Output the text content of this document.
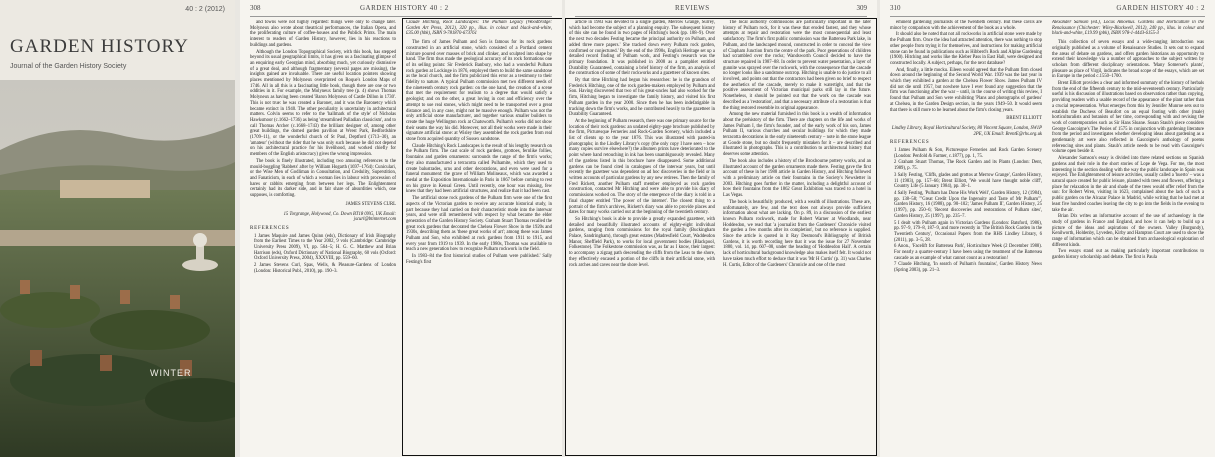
40 : 2 (2012)
GARDEN HISTORY
Journal of the Garden History Society
WINTER
308	GARDEN HISTORY 40 : 2

and towns were not highly regarded: things were only to change later. Molyneux also wrote about theatrical performances, the Italian Opera, and the proliferating culture of coffee-houses and the Publick Prints. The main interest to readers of Garden History, however, lies in his reactions to buildings and gardens.

Although the London Topographical Society, with this book, has stepped beyond its usual geographical limits, it has given us a fascinating glimpse of an enquiring early Georgian mind, absorbing much, yet curiously dismissive of a great deal, and although fragmentary (several pages are missing), the insights gained are invaluable. There are useful location pointers showing places mentioned by Molyneux overprinted on Roque's London Maps of 1746. All in all this is a fascinating little book, though there are one or two oddities in it. For example, the Molyneux family tree (p. 4) shows Thomas Molyneux as having been created 'Baron Molyneux of Castle Dillon in 1730'. This is not true: he was created a Baronet, and it was the Baronetcy which became extinct in 1940. The other peculiarity is uncertainty in architectural matters. Colvin seems to refer to the 'hallmark of the style' of Nicholas Hawksmoor (c.1662–1736) as being 'streamlined Palladian classicism', and to call Thomas Archer (c.1668–1743) the brilliant designer of, among other great buildings, the domed garden pavilion at Wrest Park, Bedfordshire (1709–11), or the wonderful church of St Paul, Deptford (1713–30), an 'amateur' (without the rider that he was only such because he did not depend on his architectural practice for his livelihood, and worked chiefly for members of the English aristocracy) gives the wrong impression.

The book is finely illustrated, including two amusing references to the mould-boggling 'Rabbets' after by William Hogarth (1697–1764): Cuniculari, or the Wise Men of Godliman in Consultation, and Credulity, Superstition, and Fanaticism, in each of which a woman lies in labour with procession of hares or rabbits emerging from between her legs. The Enlightenment certainly had its darker side, and in fair share of absurdities which, one supposes, is comforting.

JAMES STEVENS CURL

15 Torgrange, Holywood, Co. Down BT18 0NG, UK Email: jscurl@btinternet.com

REFERENCES

1 James Maquire and James Quinn (eds), Dictionary of Irish Biography from the Earliest Times to the Year 2002, 9 vols (Cambridge: Cambridge University Press 2009), VI, pp. 564–5; H. G. C. Matthew and Brian Harrison (eds), Oxford Dictionary of National Biography, 60 vols (Oxford: Oxford University Press, 2004), XXXVIII, pp. 559–60.

2 James Stevens Curl, Spas, Wells, & Pleasure-Gardens of London (London: Historical Publ., 2010), pp. 190–3.

Claude Hitching, Rock Landscapes: The Pulham Legacy (Woodbridge: Garden Art Press, 2012), 320 pp., illus. in colour and black-and-white, £35.00 (hbk), ISBN 9-781870-673761

The firm of James Pulham and Son is famous for its rock gardens constructed in an artificial stone, which consisted of a Portland cement mixture poured over masses of brick and clinker, and sculpted into shape by hand. The firm thus made the geological accuracy of its rock formations one of its selling points: Sir Frederick Banbury, who had a wonderful Pulham rock garden at Lockinge in 1876, employed them to build the same sandstone as the local church, and the firm publicized this error as a testimony to their fidelity to nature. A typical Pulham commission met two different needs of the nineteenth century rock garden: on the one hand, the creation of a scene that met the requirement for realism to a degree that would satisfy a geologist; and on the other, a great loving in cost and efficiency over the attempt to use real stones, which might need to be transported over a great distance and, in any case, might not be massive enough. Pulham was not the only artificial stone manufacturer, and together various smaller builders to create the huge Wellington rock at Chatsworth. Pulham's works did not show their seams the way his did. Moreover, not all their works were made in their signature artificial stone: at Wisley they assembled the rock garden from real stone from acquired quantity of Sussex sandstone.

Claude Hitching's Rock Landscapes is the result of his lengthy research on the Pulham firm. The cast scale of rock gardens, grottoes, fernlike follies, fountains and garden ornaments: surrounds the range of the firm's works; they also manufactured a terracotta called Pulhamite, which they used to create balustrades, urns and other decorations, and even were used for a funeral monument: the grave of William Molineaux, which was awarded a medal at the Exposition Internationale in Paris in 1867 before coming to rest on his grave in Kensal Green. Until recently, one hour was missing, few knew that they had been artificial structures, and realize that it had been cast.

The artificial stone rock gardens of the Pulham firm were one of the first aspects of the Victorian garden to receive any accurate historical study, in part because they had carried on their characteristic mode into the interwar years, and were still remembered with respect by what became the elder generation of the Garden History Society. Graham Stuart Thomas recalled the great rock gardens that decorated the Chelsea Flower Show in the 1920s and 1930s, describing them as 'these great works of art'; among these was James Pulham and Son, who exhibited at rock gardens from 1911 to 1915, and every year from 1919 to 1939. In the early 1980s, Thomas was available to teach a new generation how to recognize Pulham rockwork in the field.

In 1983–84 the first historical studies of Pulham were published.' Sally Festing's first

REVIEWS	309

article in 1983 was devoted to a single garden, Merrow Grange, Surrey, which had become the subject of a planning enquiry. The subsequent history of this site can be found in two pages of Hitching's book (pp. 188–9). Over the next two decades Festing became the principal authority on Pulham, and added three more papers.' She tracked down every Pulham rock garden, confirmed or conjectured.' By the end of the 1990s, English Heritage set up a detailed record finding of Pulham work, and Festing's research was the primary foundation. It was published in 2008 as a pamphlet entitled Durability Guaranteed, containing a brief history of the firm, an analysis of the construction of some of their rockworks and a gazetteer of known sites.

By that time Hitching had begun his researches: he is the grandson of Frederick Hitching, one of the rock garden-makers employed by Pulham and Son. Having discovered that two of his great-uncles had also worked for the firm, Hitching began to investigate the family history, and visited his first Pulham garden in the year 2000. Since then he has been indefatigable in tracking down the firm's works, and he contributed heavily to the gazetteer in Durability Guaranteed.

At the beginning of Pulham research, there was one primary source for the location of their rock gardens: an undated eighty-page brochure published by the firm, Picturesque Ferneries and Rock-Garden Scenery, which included a list of clients up to the year 1876. This was illustrated with pasted-in photographs; in the Lindley Library's copy (the only copy I have seen – how many copies survive elsewhere?) the albumen prints have deteriorated to the point where hand retouching in ink has been unambiguously revealed. Many of the gardens listed in this brochure have disappeared. Some additional gardens can be found cited in catalogues of the interwar years, but until recently the gazetteer was dependent on ad hoc discoveries in the field or in written accounts of particular gardens by any new retirees. Then the family of Fred Rickett, another Pulham staff member employed as rock garden construction, contacted Mr Hitching and were able to provide his diary of commissions worked on. The story of the emergence of the diary is told in a final chapter entitled 'The power of the internet'. The closest thing to a portrait of the firm's archives, Rickett's diary was able to provide places and dates for many works carried out at the beginning of the twentieth century.

So Hitching's book is able to provide a greatly expanded gazetteer, with detailed and beautifully illustrated accounts of eighty-eight individual gardens, ranging from commissions for the royal family (Buckingham Palace, Sandringham), through great estates (Madresfield Court, Waddesdon Manor, Sheffield Park), to works for local government bodies (Blackpool, Folkestone). The Folkestone commission was, as far as I know, their largest: to accompany a zigzag path descending the cliffs from the Leas to the shore, they effectively encased a portion of the cliffs in their artificial stone, with rock arches and caves near the shore level.

The local authority commissions are particularly important in the later history of Pulham rock, for it was these that eroded fastest, and they whose attempts at repair and restoration were the most consequential and least satisfactory. The firm's first public commission was the Battersea Park lake, in Pulham, and the landscaped mound, constructed in order to conceal the view of Clapham Junction from the centre of the park. Poor generations of children had scrambled over the rocks; Wandsworth Council decided to have the structure repaired in 1987–88. In order to prevent water penetration, a layer of gunnite was sprayed over the rockwork, with the consequence that the cascade no longer looks like a sandstone outcrop. Hitching is unable to do justice to all involved, and points out that the contractors had been given no brief to respect the aesthetics of the cascade, merely to make it watertight, and that the positive assessment of Victorian municipal parks still lay in the future. Nonetheless, it should be pointed out that the work on the cascade was described as a 'restoration', and that a necessary attribute of a restoration is that the thing restored resemble its original appearance.

Among the new material furnished in this book is a wealth of information about the prehistory of the firm. There are chapters on the life and works of James Pulham I, the firm's founder, and of the early work of his son, James Pulham II, various churches and secular buildings for which they made terracotta decorations in the early nineteenth century – note in the stone league at Goode stone, but no doubt frequently mistaken for it – are described and illustrated in photographs. This is a contribution to architectural history that deserves some attention.

The book also includes a history of the Broxbourne pottery works, and an illustrated account of the garden ornaments made there. Festing gave the first account of these in her 1988 article in Garden History, and Hitching followed with a preliminary article on their fountains in the Society's Newsletter in 2003. Hitching goes further in the matter, including a delightful account of how their fountains from the 1862 Great Exhibition was traced to a hotel in Las Vegas.

The book is beautifully produced, with a wealth of illustrations. These are, unfortunately, are few, and the text does not always provide sufficient information about what are lacking. On p. 89, in a discussion of the earliest known Pulham rockwork, made for Robert Warner at Woodlands, near Hoddesdon, we read that 'a journalist from the Gardeners' Chronicle visited the garden a few months after its completion', but no reference is supplied. Since the article is quoted in it Ray Desmond's Bibliography of British Gardens, it is worth recording here that it was the issue for 27 November 1880, vol. 14, pp. 607–08, under the heading of 'Hoddesdon Hall'. A certain lack of horticultural background knowledge also makes itself felt. It would not have taken much effort to deduce that it was 'Mr H Curtis' (p. 31) was Charles H. Curtis, Editor of the Gardeners' Chronicle and one of the most

310	GARDEN HISTORY 40 : 2

eminent gardening journalists of the twentieth century. But these cavils are minor by comparison with the achievement of the book as a whole.

It should also be noted that not all rockworks in artificial stone were made by the Pulham firm. Once the idea had attracted attention, there was nothing to stop other people from trying it for themselves, and instructions for making artificial stone can be found in publications such as Hibberd's Rock and Alpine Gardening (1900). Hitching and works like the Kleber Pass in East Hall, were designed and constructed locally. A subject, perhaps, for the next database?

And, finally, a little mocku. Eileen would agreed that the Pulham firm closed down around the beginning of the Second World War. 1939 was the last year in which they exhibited a garden at the Chelsea Flower Show. James Pulham IV did not die until 1957, but nowhere have I ever found any suggestion that the firm was functioning after the war – until, in the course of writing this review, I found that Pulham and Son were exhibiting 'Plans and photographs of gardens' at Chelsea, in the Garden Design section, in the years 1949–50. It would seem that there is still more to be learned about the firm's closing years.

BRENT ELLIOTT

Lindley Library, Royal Horticultural Society, 80 Vincent Square, London, SW1P 2PE, UK Email: BrentE@rhs.org.uk

REFERENCES

1 James Pulham & Son, Picturesque Ferneries and Rock Garden Scenery (London: Penfold & Farmer, c.1877), pp. 1, 75.

2 Graham Stuart Thomas, The Rock Garden and its Plants (London: Dent, 1989), p. 75.

3 Sally Festing, 'Cliffs, glades and grottos at Merrow Grange', Garden History, 11 (1983), pp. 157–66; Brent Elliott, 'We would have thought noble cliff', Country Life (5 January 1984), pp. 30–1.

4 Sally Festing, 'Pulham has Done His Work Well', Garden History, 12 (1984), pp. 138–58; '"Great Credit Upon the Ingenuity and Taste of Mr Pulham"', Garden History, 16 (1988), pp. 90–102; 'James Pulham II', Garden History, 25 (1997), pp. 250–6; 'Recent discoveries and restorations of Pulham sites', Garden History, 25 (1997), pp. 235–7.

5 I dealt with Pulham again in Victorian Gardens (London: Batsford, 1986), pp. 97–9, 179–8, 187–9, and more recently in 'The British Rock Garden in the Twentieth Century', Occasional Papers from the RHS Lindley Library, 6 (2011), pp. 3–5, 28.

6 Anon., 'Facelift for Battersea Park', Horticulture Week (2 December 1988). For nearly a quarter-century I have been using the treatment of the Battersea cascade as an example of what cannot count as a restoration!

7 Claude Hitching, 'In search of Pulham's fountains', Garden History News (Spring 2003), pp. 21–3.

Alexander Samson (ed.), Locus Amoenus. Gardens and Horticulture in the Renaissance (Chichester: Wiley-Blackwell, 2012), 240 pp., illus. in colour and black-and-white, £19.99 (pbk), ISBN 978-1-4443-6155-3

This collection of seven essays and a wide-ranging introduction was originally published as a volume of Renaissance Studies. It sets out to expand the areas of debate on gardens, and offers garden historians an opportunity to extend their knowledge via a number of approaches to the subject written by scholars from different disciplinary orientations. 'Many Somerset's plants', pleasure as place of Virgil, indicates the broad scope of the essays, which are set in Europe in the period c.1550–1700.

Brent Elliott provides a clear and informed summary of the history of herbals from the end of the fifteenth century to the mid-seventeenth century. Particularly useful is his discussion of illustrations based on observation rather than copying, providing readers with a usable record of the appearance of the plant rather than a crucial representation. What emerges from this by Jennifer Munroe sets out to establish the Duchess of Beaufort on an equal footing with other (male) horticulturalists and botanists of her time, corresponding with and revising the work of contemporaries such as Sir Hans Sloane. Susan Staub's piece considers George Gascoigne's The Posies of 1575 in conjunction with gardening literature from the period and investigates whether developing ideas about gardening as a gentlemanly art were also reflected in Gascoigne's anthology of poems referencing sites and plants. Staub's article needs to be read with Gascoigne's volume open beside it.

Alexander Samson's essay is divided into three related sections on Spanish gardens and their role in the short stories of Lope de Vega. For me, the most interesting is the section dealing with the way the public landscape in Spain was enjoyed. The Enlightenment of leisure activities, usually called a 'huerto' – was a natural space created for public leisure, planted with trees and flowers, offering a place for relaxation in the air and shade of the trees would offer relief from the sun: for Robert Wren, visiting in 1623, complained about the lack of such a public garden on the Alcazar Palace in Madrid, while writing that he had met at least five hundred coaches leaving the city to go into the fields in the evening to take the air.

Brian Dix writes an informative account of the use of archaeology in the study of gardens in France and England, and how it can help to build up a picture of the ideas and aspirations of the owners. Valley (Burgundy), Kenilworth, Holdenby, Lyveden, Kirby and Hampton Court are used to show the range of information which can be obtained from archaeological exploration of different kinds.

Two essays stand out as making particularly important contributions to garden history scholarship and debate. The first is Paula
